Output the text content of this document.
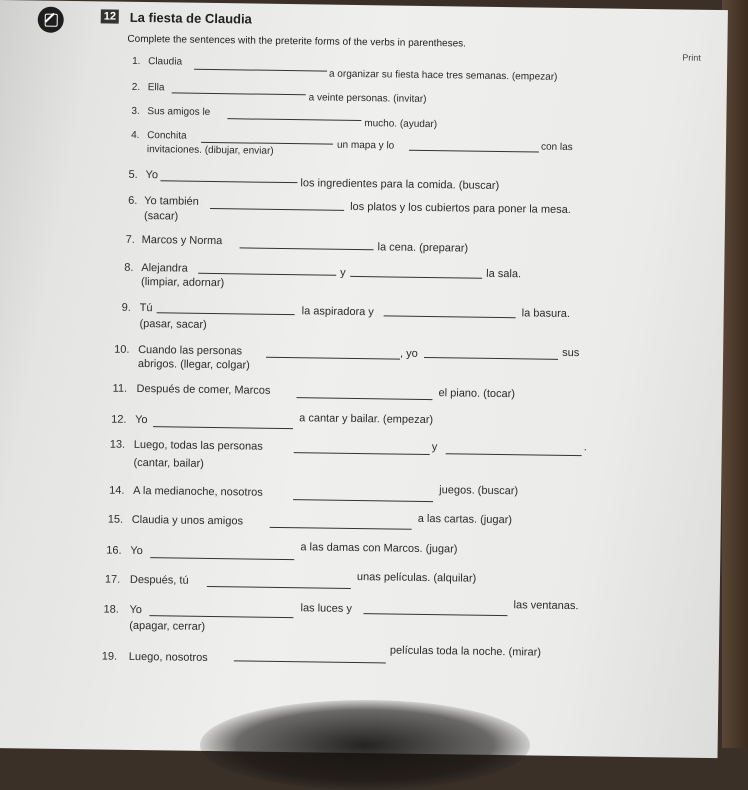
12 La fiesta de Claudia
Complete the sentences with the preterite forms of the verbs in parentheses.
Print
1. Claudia
a organizar su fiesta hace tres semanas. (empezar)
2. Ella
a veinte personas. (invitar)
3. Sus amigos le
mucho. (ayudar)
4. Conchita
un mapa y lo	con las
invitaciones. (dibujar, enviar)
5. Yo
los ingredientes para la comida. (buscar)
6. Yo también	los platos y los cubiertos para poner la mesa.
(sacar)
7. Marcos y Norma
la cena. (preparar)
8. Alejandra	y	la sala.
(limpiar, adornar)
9. Tú	la aspiradora y	la basura.
(pasar, sacar)
10. Cuando las personas	, yo	sus
abrigos. (llegar, colgar)
11. Después de comer, Marcos	el piano. (tocar)
12. Yo	a cantar y bailar. (empezar)
13. Luego, todas las personas	y	.
(cantar, bailar)
14. A la medianoche, nosotros	juegos. (buscar)
15. Claudia y unos amigos	a las cartas. (jugar)
16. Yo	a las damas con Marcos. (jugar)
17. Después, tú	unas películas. (alquilar)
18. Yo	las luces y	las ventanas.
(apagar, cerrar)
19. Luego, nosotros	películas toda la noche. (mirar)
